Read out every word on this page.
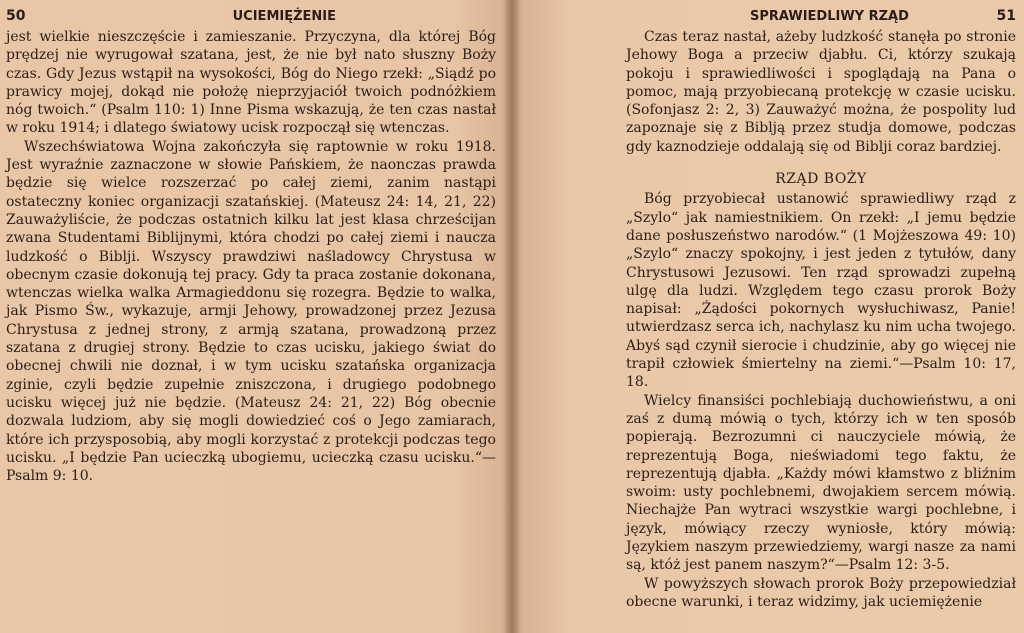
50	UCIEMIĘŻENIE

jest wielkie nieszczęście i zamieszanie. Przyczyna, dla której Bóg prędzej nie wyrugował szatana, jest, że nie był nato słuszny Boży czas. Gdy Jezus wstąpił na wysokości, Bóg do Niego rzekł: „Siądź po prawicy mojej, dokąd nie położę nieprzyjaciół twoich podnóżkiem nóg twoich.“ (Psalm 110: 1) Inne Pisma wskazują, że ten czas nastał w roku 1914; i dlatego światowy ucisk rozpoczął się wtenczas.

Wszechświatowa Wojna zakończyła się raptownie w roku 1918. Jest wyraźnie zaznaczone w słowie Pańskiem, że naonczas prawda będzie się wielce rozszerzać po całej ziemi, zanim nastąpi ostateczny koniec organizacji szatańskiej. (Mateusz 24: 14, 21, 22) Zauważyliście, że podczas ostatnich kilku lat jest klasa chrześcijan zwana Studentami Biblijnymi, która chodzi po całej ziemi i naucza ludzkość o Biblji. Wszyscy prawdziwi naśladowcy Chrystusa w obecnym czasie dokonują tej pracy. Gdy ta praca zostanie dokonana, wtenczas wielka walka Armagieddonu się rozegra. Będzie to walka, jak Pismo Św., wykazuje, armji Jehowy, prowadzonej przez Jezusa Chrystusa z jednej strony, z armją szatana, prowadzoną przez szatana z drugiej strony. Będzie to czas ucisku, jakiego świat do obecnej chwili nie doznał, i w tym ucisku szatańska organizacja zginie, czyli będzie zupełnie zniszczona, i drugiego podobnego ucisku więcej już nie będzie. (Mateusz 24: 21, 22) Bóg obecnie dozwala ludziom, aby się mogli dowiedzieć coś o Jego zamiarach, które ich przysposobią, aby mogli korzystać z protekcji podczas tego ucisku. „I będzie Pan ucieczką ubogiemu, ucieczką czasu ucisku.“—Psalm 9: 10.

SPRAWIEDLIWY RZĄD	51

Czas teraz nastał, ażeby ludzkość stanęła po stronie Jehowy Boga a przeciw djabłu. Ci, którzy szukają pokoju i sprawiedliwości i spoglądają na Pana o pomoc, mają przyobiecaną protekcję w czasie ucisku. (Sofonjasz 2: 2, 3) Zauważyć można, że pospolity lud zapoznaje się z Biblją przez studja domowe, podczas gdy kaznodzieje oddalają się od Biblji coraz bardziej.

RZĄD BOŻY

Bóg przyobiecał ustanowić sprawiedliwy rząd z „Szylo“ jak namiestnikiem. On rzekł: „I jemu będzie dane posłuszeństwo narodów.“ (1 Mojżeszowa 49: 10) „Szylo“ znaczy spokojny, i jest jeden z tytułów, dany Chrystusowi Jezusowi. Ten rząd sprowadzi zupełną ulgę dla ludzi. Względem tego czasu prorok Boży napisał: „Żądości pokornych wysłuchiwasz, Panie! utwierdzasz serca ich, nachylasz ku nim ucha twojego. Abyś sąd czynił sierocie i chudzinie, aby go więcej nie trapił człowiek śmiertelny na ziemi.“—Psalm 10: 17, 18.

Wielcy finansiści pochlebiają duchowieństwu, a oni zaś z dumą mówią o tych, którzy ich w ten sposób popierają. Bezrozumni ci nauczyciele mówią, że reprezentują Boga, nieświadomi tego faktu, że reprezentują djabła. „Każdy mówi kłamstwo z bliźnim swoim: usty pochlebnemi, dwojakiem sercem mówią. Niechajże Pan wytraci wszystkie wargi pochlebne, i język, mówiący rzeczy wyniosłe, który mówią: Językiem naszym przewiedziemy, wargi nasze za nami są, któż jest panem naszym?“—Psalm 12: 3-5.

W powyższych słowach prorok Boży przepowiedział obecne warunki, i teraz widzimy, jak uciemiężenie
